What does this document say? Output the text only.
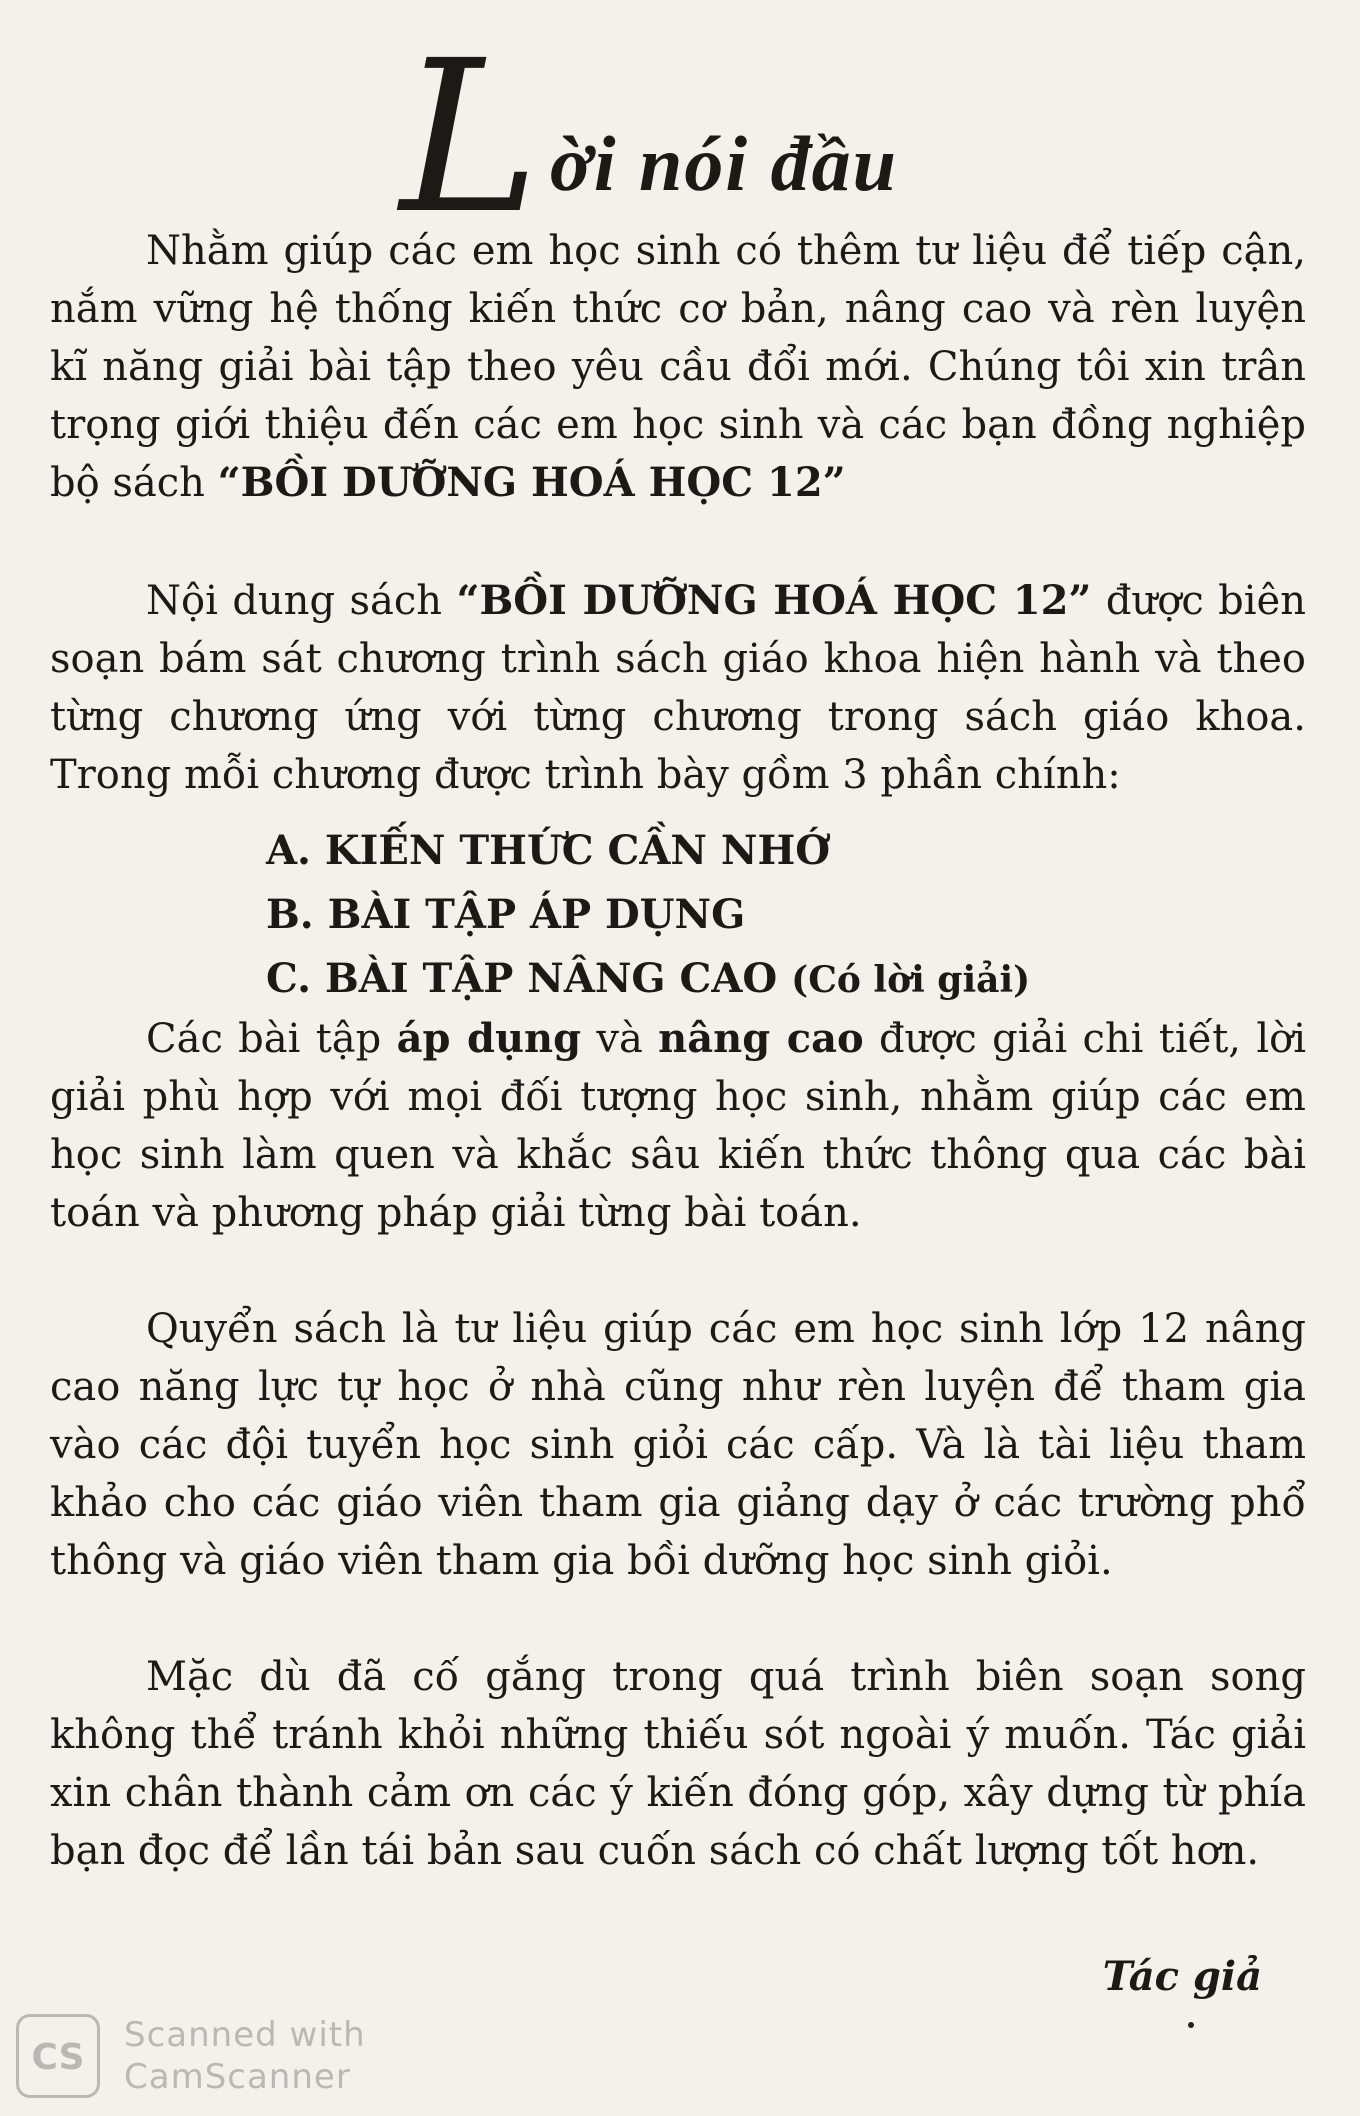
L ời nói đầu

Nhằm giúp các em học sinh có thêm tư liệu để tiếp cận, nắm vững hệ thống kiến thức cơ bản, nâng cao và rèn luyện kĩ năng giải bài tập theo yêu cầu đổi mới. Chúng tôi xin trân trọng giới thiệu đến các em học sinh và các bạn đồng nghiệp bộ sách “BỒI DƯỠNG HOÁ HỌC 12”

Nội dung sách “BỒI DƯỠNG HOÁ HỌC 12” được biên soạn bám sát chương trình sách giáo khoa hiện hành và theo từng chương ứng với từng chương trong sách giáo khoa. Trong mỗi chương được trình bày gồm 3 phần chính:

A. KIẾN THỨC CẦN NHỚ
B. BÀI TẬP ÁP DỤNG
C. BÀI TẬP NÂNG CAO (Có lời giải)

Các bài tập áp dụng và nâng cao được giải chi tiết, lời giải phù hợp với mọi đối tượng học sinh, nhằm giúp các em học sinh làm quen và khắc sâu kiến thức thông qua các bài toán và phương pháp giải từng bài toán.

Quyển sách là tư liệu giúp các em học sinh lớp 12 nâng cao năng lực tự học ở nhà cũng như rèn luyện để tham gia vào các đội tuyển học sinh giỏi các cấp. Và là tài liệu tham khảo cho các giáo viên tham gia giảng dạy ở các trường phổ thông và giáo viên tham gia bồi dưỡng học sinh giỏi.

Mặc dù đã cố gắng trong quá trình biên soạn song không thể tránh khỏi những thiếu sót ngoài ý muốn. Tác giải xin chân thành cảm ơn các ý kiến đóng góp, xây dựng từ phía bạn đọc để lần tái bản sau cuốn sách có chất lượng tốt hơn.

Tác giả
CS
Scanned with
CamScanner
